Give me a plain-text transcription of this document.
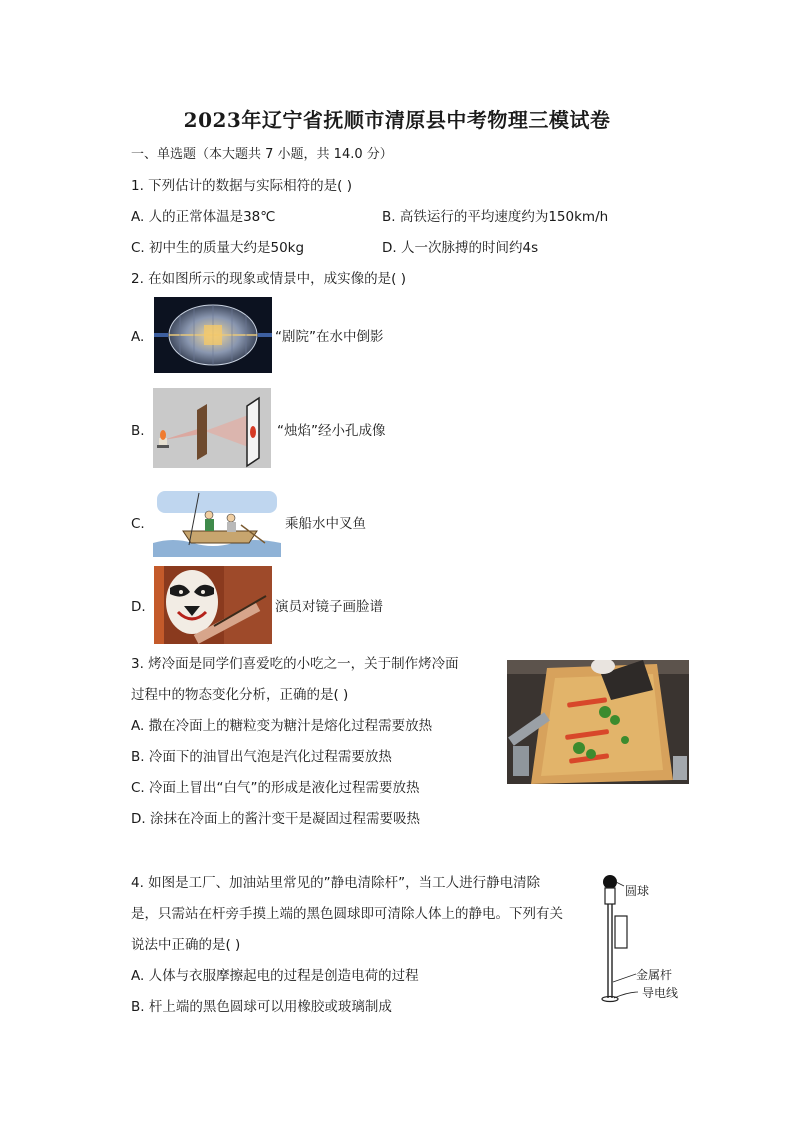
2023年辽宁省抚顺市清原县中考物理三模试卷
一、单选题（本大题共 7 小题，共 14.0 分）
1. 下列估计的数据与实际相符的是( )
A. 人的正常体温是38℃	B. 高铁运行的平均速度约为150km/h
C. 初中生的质量大约是50kg	D. 人一次脉搏的时间约4s
2. 在如图所示的现象或情景中，成实像的是( )
A.	“剧院”在水中倒影
B.	“烛焰”经小孔成像
C.	乘船水中叉鱼
D.	演员对镜子画脸谱
3. 烤冷面是同学们喜爱吃的小吃之一，关于制作烤冷面
过程中的物态变化分析，正确的是( )
A. 撒在冷面上的糖粒变为糖汁是熔化过程需要放热
B. 冷面下的油冒出气泡是汽化过程需要放热
C. 冷面上冒出“白气”的形成是液化过程需要放热
D. 涂抹在冷面上的酱汁变干是凝固过程需要吸热
4. 如图是工厂、加油站里常见的”静电清除杆”，当工人进行静电清除
是，只需站在杆旁手摸上端的黑色圆球即可清除人体上的静电。下列有关
说法中正确的是( )
A. 人体与衣服摩擦起电的过程是创造电荷的过程
B. 杆上端的黑色圆球可以用橡胶或玻璃制成
圆球
金属杆
导电线
